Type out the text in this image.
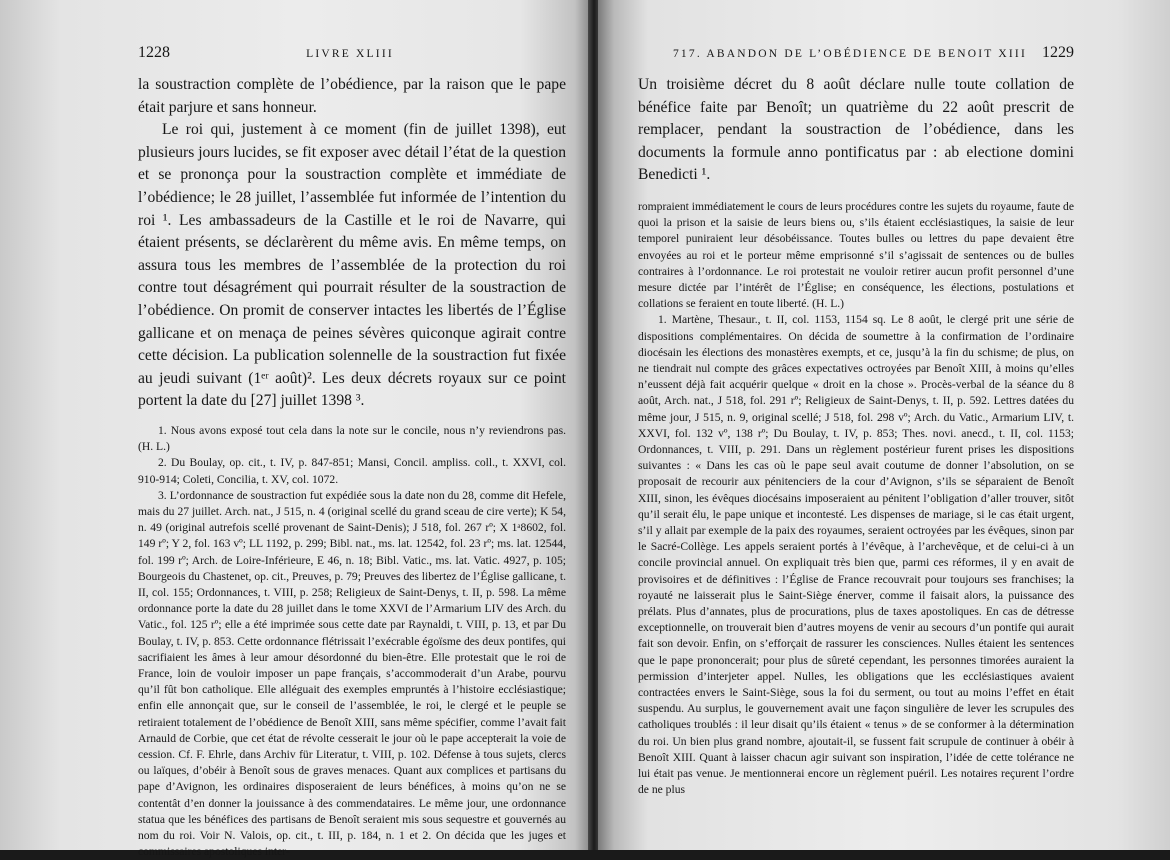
1228	LIVRE XLIII

la soustraction complète de l’obédience, par la raison que le pape était parjure et sans honneur.

Le roi qui, justement à ce moment (fin de juillet 1398), eut plusieurs jours lucides, se fit exposer avec détail l’état de la question et se prononça pour la soustraction complète et immédiate de l’obédience; le 28 juillet, l’assemblée fut informée de l’intention du roi ¹. Les ambassadeurs de la Castille et le roi de Navarre, qui étaient présents, se déclarèrent du même avis. En même temps, on assura tous les membres de l’assemblée de la protection du roi contre tout désagrément qui pourrait résulter de la soustraction de l’obédience. On promit de conserver intactes les libertés de l’Église gallicane et on menaça de peines sévères quiconque agirait contre cette décision. La publication solennelle de la soustraction fut fixée au jeudi suivant (1ᵉʳ août)². Les deux décrets royaux sur ce point portent la date du [27] juillet 1398 ³.

1. Nous avons exposé tout cela dans la note sur le concile, nous n’y reviendrons pas. (H. L.)

2. Du Boulay, op. cit., t. IV, p. 847-851; Mansi, Concil. ampliss. coll., t. XXVI, col. 910-914; Coleti, Concilia, t. XV, col. 1072.

3. L’ordonnance de soustraction fut expédiée sous la date non du 28, comme dit Hefele, mais du 27 juillet. Arch. nat., J 515, n. 4 (original scellé du grand sceau de cire verte); K 54, n. 49 (original autrefois scellé provenant de Saint-Denis); J 518, fol. 267 rº; X 1ᵃ8602, fol. 149 rº; Y 2, fol. 163 vº; LL 1192, p. 299; Bibl. nat., ms. lat. 12542, fol. 23 rº; ms. lat. 12544, fol. 199 rº; Arch. de Loire-Inférieure, E 46, n. 18; Bibl. Vatic., ms. lat. Vatic. 4927, p. 105; Bourgeois du Chastenet, op. cit., Preuves, p. 79; Preuves des libertez de l’Église gallicane, t. II, col. 155; Ordonnances, t. VIII, p. 258; Religieux de Saint-Denys, t. II, p. 598. La même ordonnance porte la date du 28 juillet dans le tome XXVI de l’Armarium LIV des Arch. du Vatic., fol. 125 rº; elle a été imprimée sous cette date par Raynaldi, t. VIII, p. 13, et par Du Boulay, t. IV, p. 853. Cette ordonnance flétrissait l’exécrable égoïsme des deux pontifes, qui sacrifiaient les âmes à leur amour désordonné du bien-être. Elle protestait que le roi de France, loin de vouloir imposer un pape français, s’accommoderait d’un Arabe, pourvu qu’il fût bon catholique. Elle alléguait des exemples empruntés à l’histoire ecclésiastique; enfin elle annonçait que, sur le conseil de l’assemblée, le roi, le clergé et le peuple se retiraient totalement de l’obédience de Benoît XIII, sans même spécifier, comme l’avait fait Arnauld de Corbie, que cet état de révolte cesserait le jour où le pape accepterait la voie de cession. Cf. F. Ehrle, dans Archiv für Literatur, t. VIII, p. 102. Défense à tous sujets, clercs ou laïques, d’obéir à Benoît sous de graves menaces. Quant aux complices et partisans du pape d’Avignon, les ordinaires disposeraient de leurs bénéfices, à moins qu’on ne se contentât d’en donner la jouissance à des commendataires. Le même jour, une ordonnance statua que les bénéfices des partisans de Benoît seraient mis sous sequestre et gouvernés au nom du roi. Voir N. Valois, op. cit., t. III, p. 184, n. 1 et 2. On décida que les juges et commissaires apostoliques inter-

717. ABANDON DE L’OBÉDIENCE DE BENOIT XIII 1229

Un troisième décret du 8 août déclare nulle toute collation de bénéfice faite par Benoît; un quatrième du 22 août prescrit de remplacer, pendant la soustraction de l’obédience, dans les documents la formule anno pontificatus par : ab electione domini Benedicti ¹.

rompraient immédiatement le cours de leurs procédures contre les sujets du royaume, faute de quoi la prison et la saisie de leurs biens ou, s’ils étaient ecclésiastiques, la saisie de leur temporel puniraient leur désobéissance. Toutes bulles ou lettres du pape devaient être envoyées au roi et le porteur même emprisonné s’il s’agissait de sentences ou de bulles contraires à l’ordonnance. Le roi protestait ne vouloir retirer aucun profit personnel d’une mesure dictée par l’intérêt de l’Église; en conséquence, les élections, postulations et collations se feraient en toute liberté. (H. L.)

1. Martène, Thesaur., t. II, col. 1153, 1154 sq. Le 8 août, le clergé prit une série de dispositions complémentaires. On décida de soumettre à la confirmation de l’ordinaire diocésain les élections des monastères exempts, et ce, jusqu’à la fin du schisme; de plus, on ne tiendrait nul compte des grâces expectatives octroyées par Benoît XIII, à moins qu’elles n’eussent déjà fait acquérir quelque « droit en la chose ». Procès-verbal de la séance du 8 août, Arch. nat., J 518, fol. 291 rº; Religieux de Saint-Denys, t. II, p. 592. Lettres datées du même jour, J 515, n. 9, original scellé; J 518, fol. 298 vº; Arch. du Vatic., Armarium LIV, t. XXVI, fol. 132 vº, 138 rº; Du Boulay, t. IV, p. 853; Thes. novi. anecd., t. II, col. 1153; Ordonnances, t. VIII, p. 291. Dans un règlement postérieur furent prises les dispositions suivantes : « Dans les cas où le pape seul avait coutume de donner l’absolution, on se proposait de recourir aux pénitenciers de la cour d’Avignon, s’ils se séparaient de Benoît XIII, sinon, les évêques diocésains imposeraient au pénitent l’obligation d’aller trouver, sitôt qu’il serait élu, le pape unique et incontesté. Les dispenses de mariage, si le cas était urgent, s’il y allait par exemple de la paix des royaumes, seraient octroyées par les évêques, sinon par le Sacré-Collège. Les appels seraient portés à l’évêque, à l’archevêque, et de celui-ci à un concile provincial annuel. On expliquait très bien que, parmi ces réformes, il y en avait de provisoires et de définitives : l’Église de France recouvrait pour toujours ses franchises; la royauté ne laisserait plus le Saint-Siège énerver, comme il faisait alors, la puissance des prélats. Plus d’annates, plus de procurations, plus de taxes apostoliques. En cas de détresse exceptionnelle, on trouverait bien d’autres moyens de venir au secours d’un pontife qui aurait fait son devoir. Enfin, on s’efforçait de rassurer les consciences. Nulles étaient les sentences que le pape prononcerait; pour plus de sûreté cependant, les personnes timorées auraient la permission d’interjeter appel. Nulles, les obligations que les ecclésiastiques avaient contractées envers le Saint-Siège, sous la foi du serment, ou tout au moins l’effet en était suspendu. Au surplus, le gouvernement avait une façon singulière de lever les scrupules des catholiques troublés : il leur disait qu’ils étaient « tenus » de se conformer à la détermination du roi. Un bien plus grand nombre, ajoutait-il, se fussent fait scrupule de continuer à obéir à Benoît XIII. Quant à laisser chacun agir suivant son inspiration, l’idée de cette tolérance ne lui était pas venue. Je mentionnerai encore un règlement puéril. Les notaires reçurent l’ordre de ne plus
